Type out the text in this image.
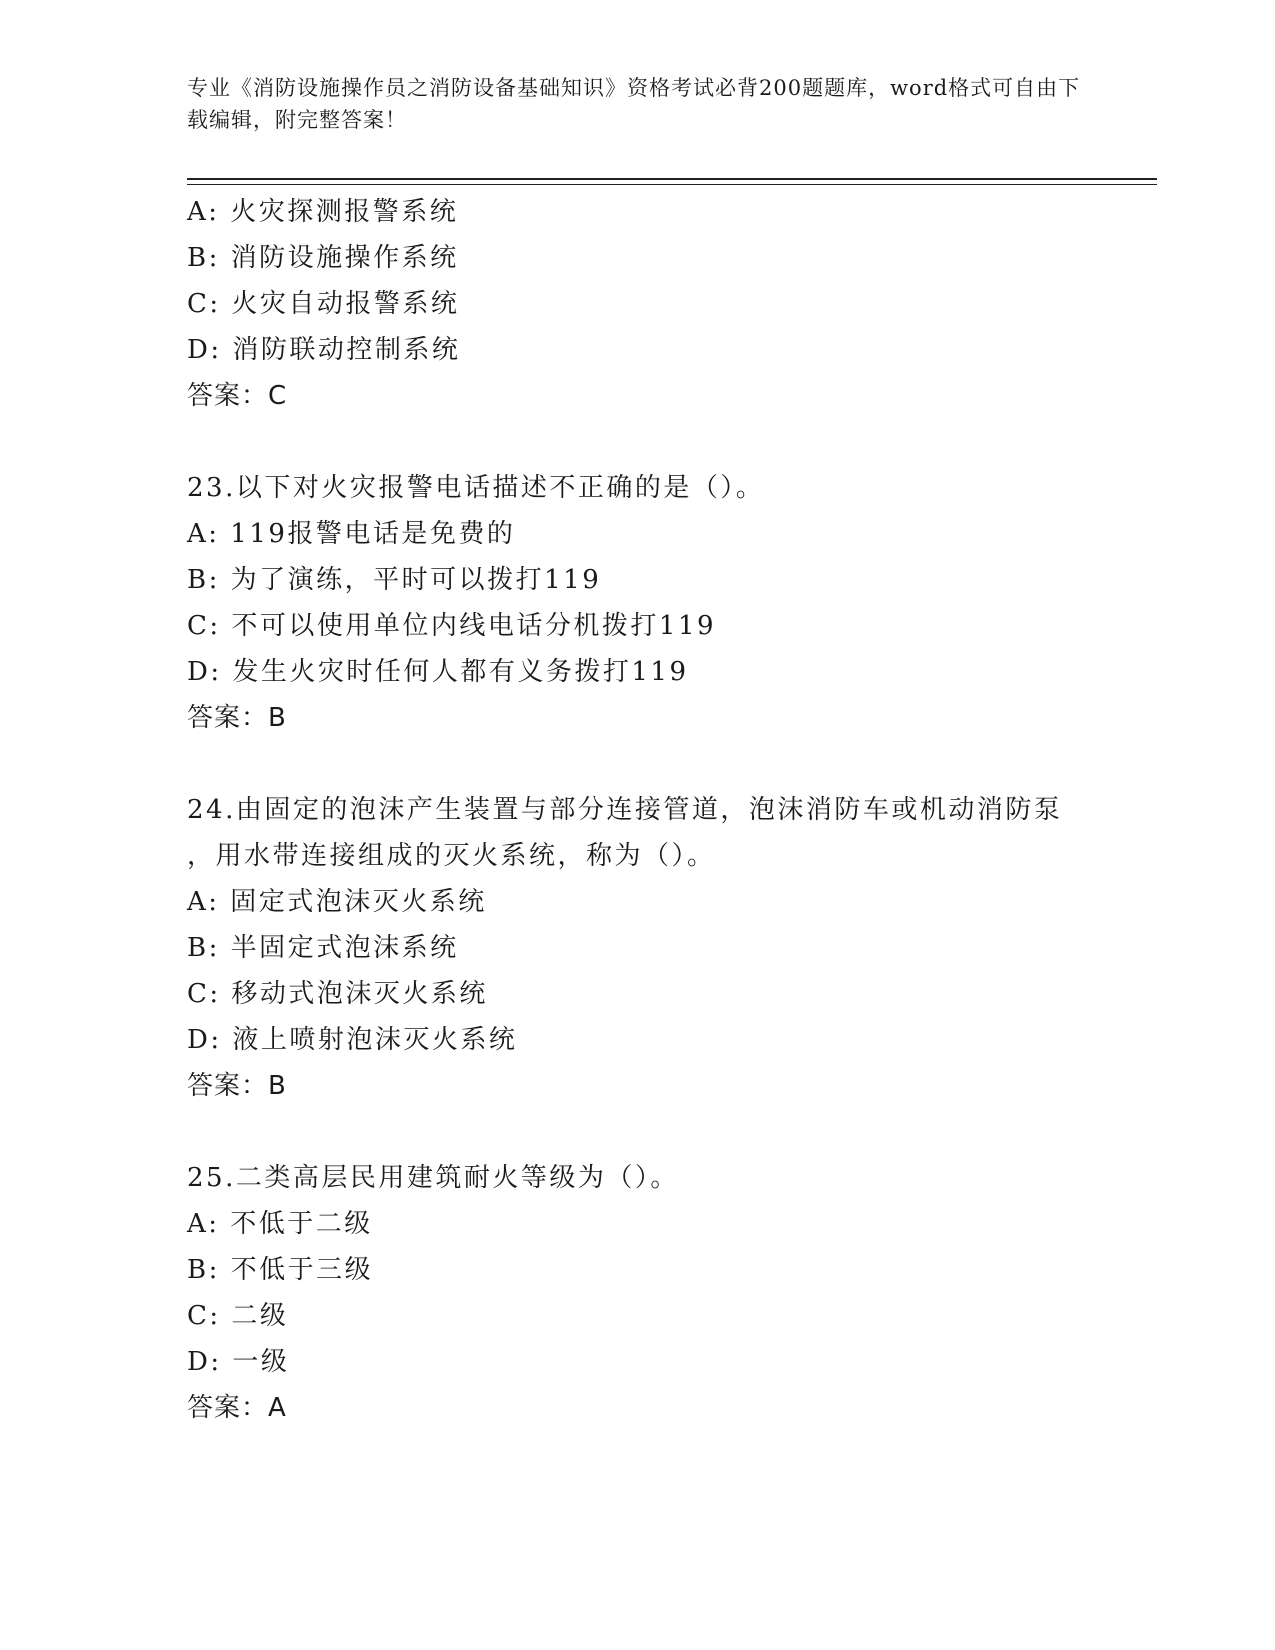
专业《消防设施操作员之消防设备基础知识》资格考试必背200题题库，word格式可自由下载编辑，附完整答案！
A: 火灾探测报警系统
B: 消防设施操作系统
C: 火灾自动报警系统
D: 消防联动控制系统
答案：C
23.以下对火灾报警电话描述不正确的是（）。
A: 119报警电话是免费的
B: 为了演练，平时可以拨打119
C: 不可以使用单位内线电话分机拨打119
D: 发生火灾时任何人都有义务拨打119
答案：B
24.由固定的泡沫产生装置与部分连接管道，泡沫消防车或机动消防泵
，用水带连接组成的灭火系统，称为（）。
A: 固定式泡沫灭火系统
B: 半固定式泡沫系统
C: 移动式泡沫灭火系统
D: 液上喷射泡沫灭火系统
答案：B
25.二类高层民用建筑耐火等级为（）。
A: 不低于二级
B: 不低于三级
C: 二级
D: 一级
答案：A
